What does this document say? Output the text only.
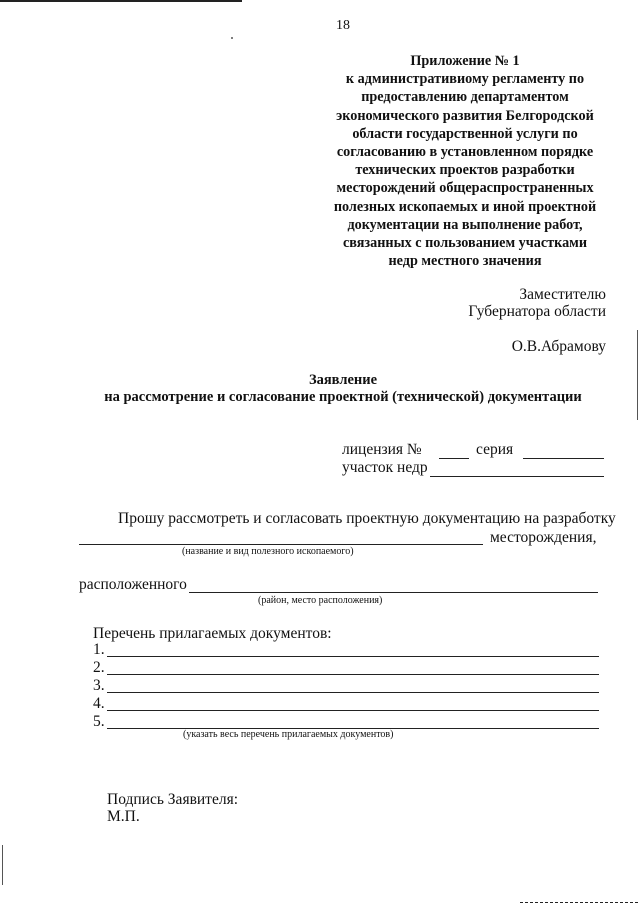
18
Приложение № 1
к административиому регламенту по
предоставлению департаментом
экономического развития Белгородской
области государственной услуги по
согласованию в установленном порядке
технических проектов разработки
месторождений общераспространенных
полезных ископаемых и иной проектной
документации на выполнение работ,
связанных с пользованием участками
недр местного значения
Заместителю
Губернатора области
О.В.Абрамову
Заявление
на рассмотрение и согласование проектной (технической) документации
лицензия №	серия
участок недр
Прошу рассмотреть и согласовать проектную документацию на разработку
месторождения,
(название и вид полезного ископаемого)
расположенного
(район, место расположения)
Перечень прилагаемых документов:
1.
2.
3.
4.
5.
(указать весь перечень прилагаемых документов)
Подпись Заявителя:
М.П.
